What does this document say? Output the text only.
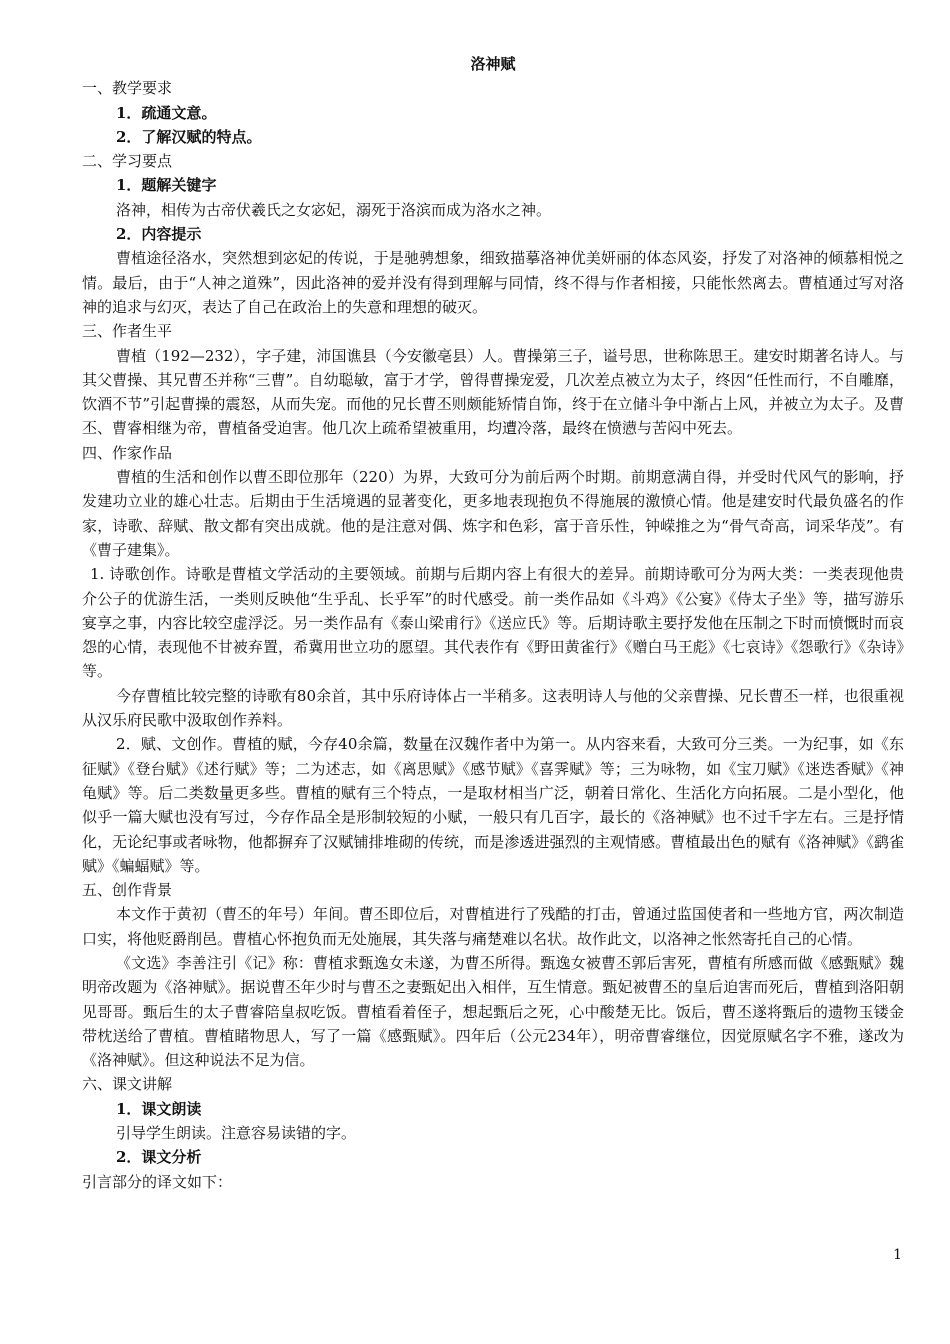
洛神赋

一、教学要求

1．疏通文意。

2．了解汉赋的特点。

二、学习要点

1．题解关键字

洛神，相传为古帝伏羲氏之女宓妃，溺死于洛滨而成为洛水之神。

2．内容提示

曹植途径洛水，突然想到宓妃的传说，于是驰骋想象，细致描摹洛神优美妍丽的体态风姿，抒发了对洛神的倾慕相悦之情。最后，由于“人神之道殊”，因此洛神的爱并没有得到理解与同情，终不得与作者相接，只能怅然离去。曹植通过写对洛神的追求与幻灭，表达了自己在政治上的失意和理想的破灭。

三、作者生平

曹植（192—232），字子建，沛国谯县（今安徽亳县）人。曹操第三子，谥号思，世称陈思王。建安时期著名诗人。与其父曹操、其兄曹丕并称“三曹”。自幼聪敏，富于才学，曾得曹操宠爱，几次差点被立为太子，终因“任性而行，不自雕靡，饮酒不节”引起曹操的震怒，从而失宠。而他的兄长曹丕则颇能矫情自饰，终于在立储斗争中渐占上风，并被立为太子。及曹丕、曹睿相继为帝，曹植备受迫害。他几次上疏希望被重用，均遭冷落，最终在愤懑与苦闷中死去。

四、作家作品

曹植的生活和创作以曹丕即位那年（220）为界，大致可分为前后两个时期。前期意满自得，并受时代风气的影响，抒发建功立业的雄心壮志。后期由于生活境遇的显著变化，更多地表现抱负不得施展的激愤心情。他是建安时代最负盛名的作家，诗歌、辞赋、散文都有突出成就。他的是注意对偶、炼字和色彩，富于音乐性，钟嵘推之为“骨气奇高，词采华茂”。有《曹子建集》。

1. 诗歌创作。诗歌是曹植文学活动的主要领域。前期与后期内容上有很大的差异。前期诗歌可分为两大类：一类表现他贵介公子的优游生活，一类则反映他“生乎乱、长乎军”的时代感受。前一类作品如《斗鸡》《公宴》《侍太子坐》等，描写游乐宴享之事，内容比较空虚浮泛。另一类作品有《泰山梁甫行》《送应氏》等。后期诗歌主要抒发他在压制之下时而愤慨时而哀怨的心情，表现他不甘被弃置，希冀用世立功的愿望。其代表作有《野田黄雀行》《赠白马王彪》《七哀诗》《怨歌行》《杂诗》等。

今存曹植比较完整的诗歌有80余首，其中乐府诗体占一半稍多。这表明诗人与他的父亲曹操、兄长曹丕一样，也很重视从汉乐府民歌中汲取创作养料。

2．赋、文创作。曹植的赋，今存40余篇，数量在汉魏作者中为第一。从内容来看，大致可分三类。一为纪事，如《东征赋》《登台赋》《述行赋》等；二为述志，如《离思赋》《感节赋》《喜霁赋》等；三为咏物，如《宝刀赋》《迷迭香赋》《神龟赋》等。后二类数量更多些。曹植的赋有三个特点，一是取材相当广泛，朝着日常化、生活化方向拓展。二是小型化，他似乎一篇大赋也没有写过，今存作品全是形制较短的小赋，一般只有几百字，最长的《洛神赋》也不过千字左右。三是抒情化，无论纪事或者咏物，他都摒弃了汉赋铺排堆砌的传统，而是渗透进强烈的主观情感。曹植最出色的赋有《洛神赋》《鹞雀赋》《蝙蝠赋》等。

五、创作背景

本文作于黄初（曹丕的年号）年间。曹丕即位后，对曹植进行了残酷的打击，曾通过监国使者和一些地方官，两次制造口实，将他贬爵削邑。曹植心怀抱负而无处施展，其失落与痛楚难以名状。故作此文，以洛神之怅然寄托自己的心情。

《文选》李善注引《记》称：曹植求甄逸女未遂，为曹丕所得。甄逸女被曹丕郭后害死，曹植有所感而做《感甄赋》魏明帝改题为《洛神赋》。据说曹丕年少时与曹丕之妻甄妃出入相伴，互生情意。甄妃被曹丕的皇后迫害而死后，曹植到洛阳朝见哥哥。甄后生的太子曹睿陪皇叔吃饭。曹植看着侄子，想起甄后之死，心中酸楚无比。饭后，曹丕遂将甄后的遗物玉镂金带枕送给了曹植。曹植睹物思人，写了一篇《感甄赋》。四年后（公元234年），明帝曹睿继位，因觉原赋名字不雅，遂改为《洛神赋》。但这种说法不足为信。

六、课文讲解

1．课文朗读

引导学生朗读。注意容易读错的字。

2．课文分析

引言部分的译文如下：

1
